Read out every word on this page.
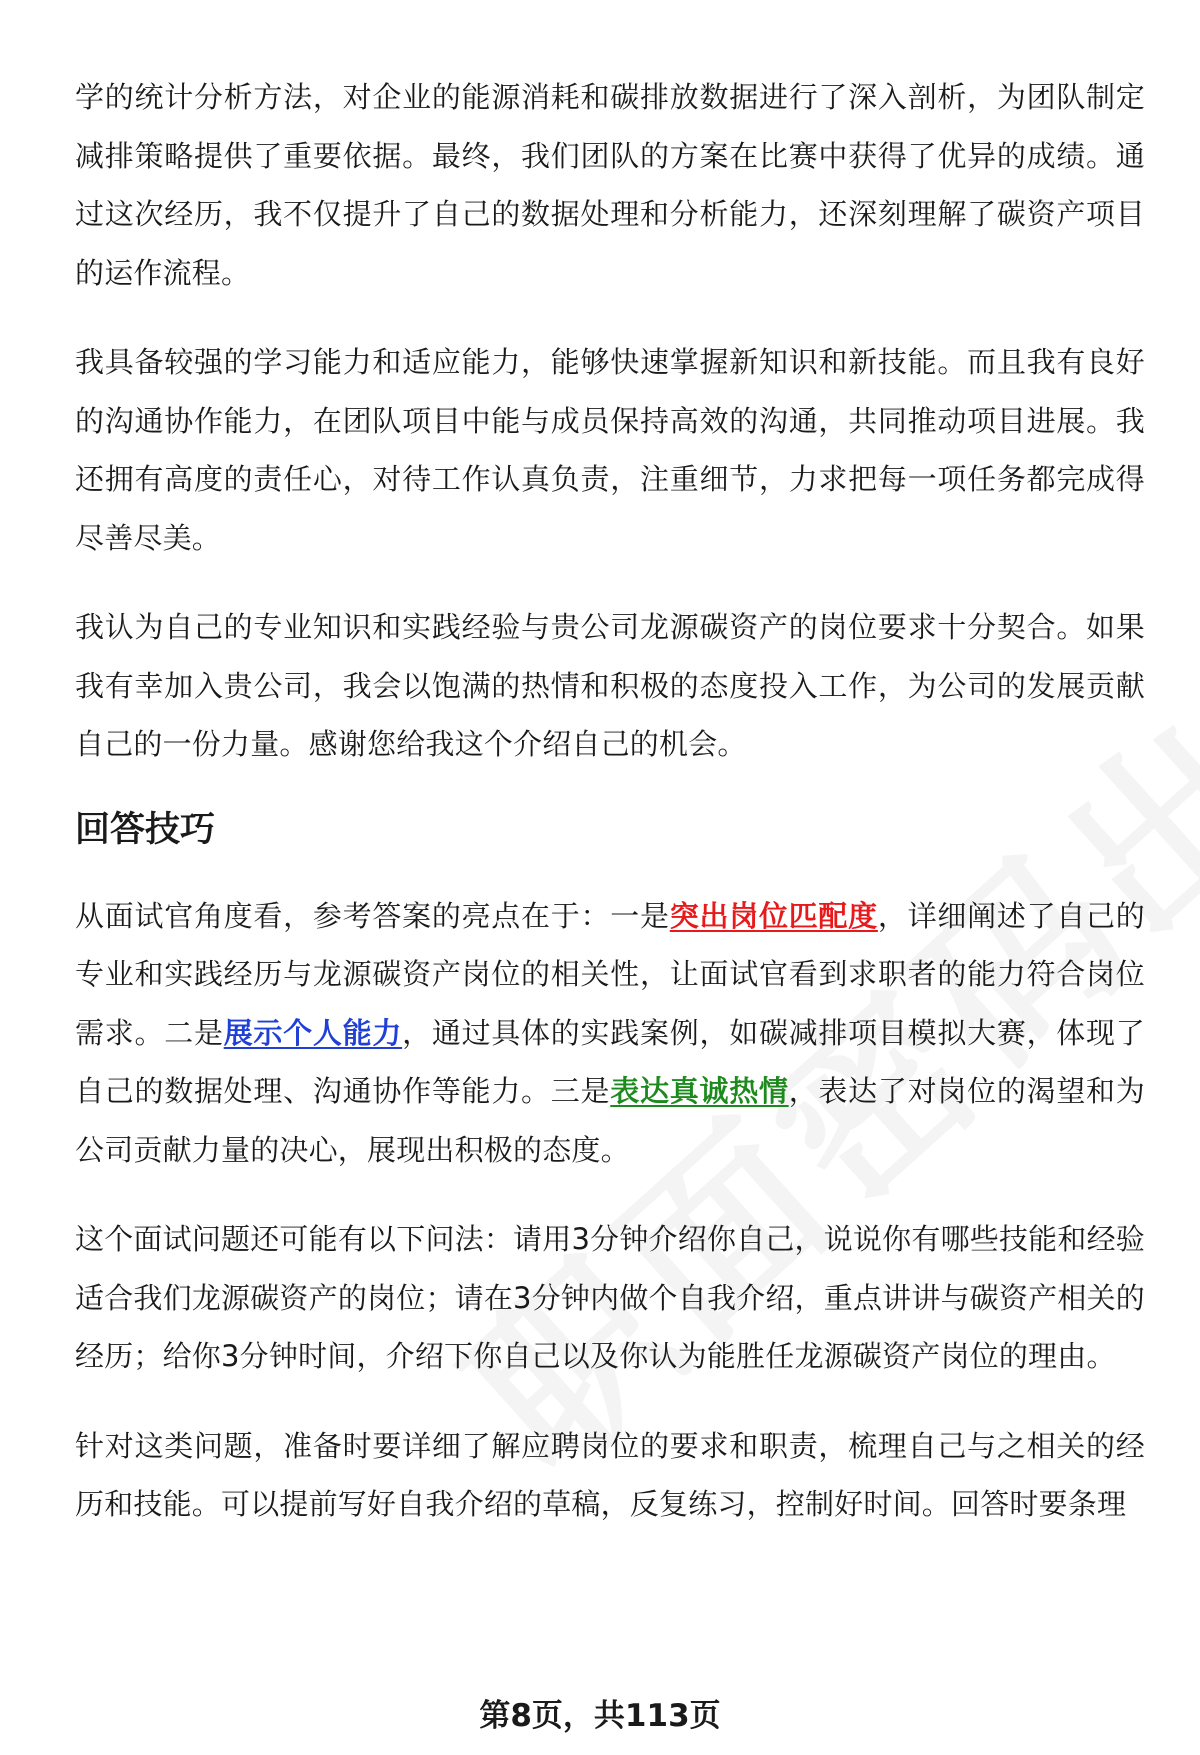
学的统计分析方法，对企业的能源消耗和碳排放数据进行了深入剖析，为团队制定减排策略提供了重要依据。最终，我们团队的方案在比赛中获得了优异的成绩。通过这次经历，我不仅提升了自己的数据处理和分析能力，还深刻理解了碳资产项目的运作流程。

我具备较强的学习能力和适应能力，能够快速掌握新知识和新技能。而且我有良好的沟通协作能力，在团队项目中能与成员保持高效的沟通，共同推动项目进展。我还拥有高度的责任心，对待工作认真负责，注重细节，力求把每一项任务都完成得尽善尽美。

我认为自己的专业知识和实践经验与贵公司龙源碳资产的岗位要求十分契合。如果我有幸加入贵公司，我会以饱满的热情和积极的态度投入工作，为公司的发展贡献自己的一份力量。感谢您给我这个介绍自己的机会。

回答技巧

从面试官角度看，参考答案的亮点在于：一是突出岗位匹配度，详细阐述了自己的专业和实践经历与龙源碳资产岗位的相关性，让面试官看到求职者的能力符合岗位需求。二是展示个人能力，通过具体的实践案例，如碳减排项目模拟大赛，体现了自己的数据处理、沟通协作等能力。三是表达真诚热情，表达了对岗位的渴望和为公司贡献力量的决心，展现出积极的态度。

这个面试问题还可能有以下问法：请用3分钟介绍你自己，说说你有哪些技能和经验适合我们龙源碳资产的岗位；请在3分钟内做个自我介绍，重点讲讲与碳资产相关的经历；给你3分钟时间，介绍下你自己以及你认为能胜任龙源碳资产岗位的理由。

针对这类问题，准备时要详细了解应聘岗位的要求和职责，梳理自己与之相关的经历和技能。可以提前写好自我介绍的草稿，反复练习，控制好时间。回答时要条理

第8页，共113页
